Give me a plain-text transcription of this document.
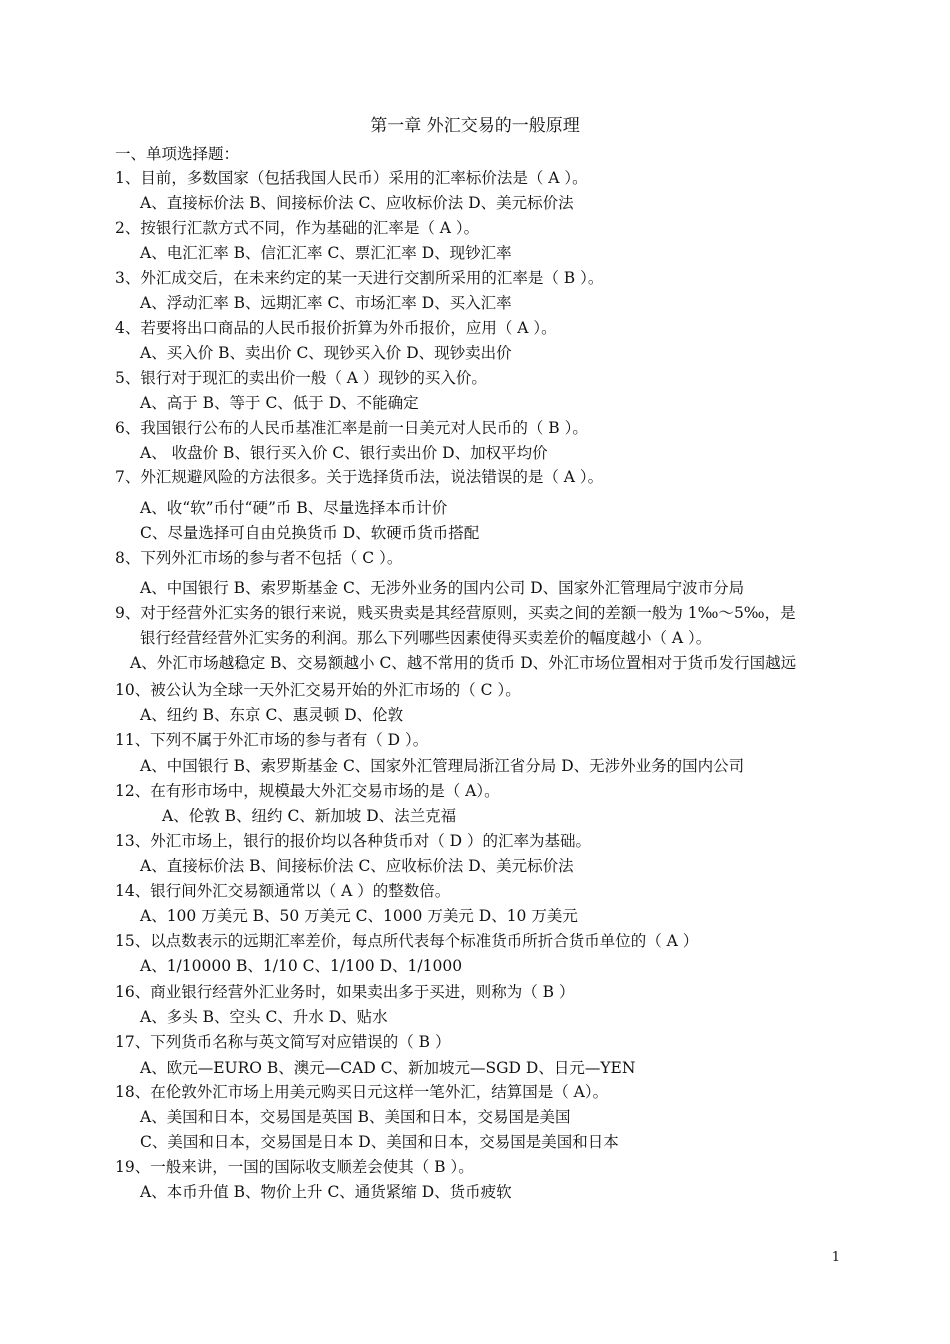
第一章 外汇交易的一般原理
一、单项选择题：
1、目前，多数国家（包括我国人民币）采用的汇率标价法是（ A ）。
A、直接标价法 B、间接标价法 C、应收标价法 D、美元标价法
2、按银行汇款方式不同，作为基础的汇率是（ A ）。
A、电汇汇率 B、信汇汇率 C、票汇汇率 D、现钞汇率
3、外汇成交后，在未来约定的某一天进行交割所采用的汇率是（ B ）。
A、浮动汇率 B、远期汇率 C、市场汇率 D、买入汇率
4、若要将出口商品的人民币报价折算为外币报价，应用（ A ）。
A、买入价 B、卖出价 C、现钞买入价 D、现钞卖出价
5、银行对于现汇的卖出价一般（ A ）现钞的买入价。
A、高于 B、等于 C、低于 D、不能确定
6、我国银行公布的人民币基准汇率是前一日美元对人民币的（ B ）。
A、 收盘价 B、银行买入价 C、银行卖出价 D、加权平均价
7、外汇规避风险的方法很多。关于选择货币法，说法错误的是（ A ）。
A、收“软”币付“硬”币 B、尽量选择本币计价
C、尽量选择可自由兑换货币 D、软硬币货币搭配
8、下列外汇市场的参与者不包括（ C ）。
A、中国银行 B、索罗斯基金 C、无涉外业务的国内公司 D、国家外汇管理局宁波市分局
9、对于经营外汇实务的银行来说，贱买贵卖是其经营原则，买卖之间的差额一般为 1‰～5‰，是
银行经营经营外汇实务的利润。那么下列哪些因素使得买卖差价的幅度越小（ A ）。
A、外汇市场越稳定 B、交易额越小 C、越不常用的货币 D、外汇市场位置相对于货币发行国越远
10、被公认为全球一天外汇交易开始的外汇市场的（ C ）。
A、纽约 B、东京 C、惠灵顿 D、伦敦
11、下列不属于外汇市场的参与者有（ D ）。
A、中国银行 B、索罗斯基金 C、国家外汇管理局浙江省分局 D、无涉外业务的国内公司
12、在有形市场中，规模最大外汇交易市场的是（ A）。
A、伦敦 B、纽约 C、新加坡 D、法兰克福
13、外汇市场上，银行的报价均以各种货币对（ D ）的汇率为基础。
A、直接标价法 B、间接标价法 C、应收标价法 D、美元标价法
14、银行间外汇交易额通常以（ A ）的整数倍。
A、100 万美元 B、50 万美元 C、1000 万美元 D、10 万美元
15、以点数表示的远期汇率差价，每点所代表每个标准货币所折合货币单位的（ A ）
A、1/10000 B、1/10 C、1/100 D、1/1000
16、商业银行经营外汇业务时，如果卖出多于买进，则称为（ B ）
A、多头 B、空头 C、升水 D、贴水
17、下列货币名称与英文简写对应错误的（ B ）
A、欧元—EURO B、澳元—CAD C、新加坡元—SGD D、日元—YEN
18、在伦敦外汇市场上用美元购买日元这样一笔外汇，结算国是（ A）。
A、美国和日本，交易国是英国 B、美国和日本，交易国是美国
C、美国和日本，交易国是日本 D、美国和日本，交易国是美国和日本
19、一般来讲，一国的国际收支顺差会使其（ B ）。
A、本币升值 B、物价上升 C、通货紧缩 D、货币疲软
1
